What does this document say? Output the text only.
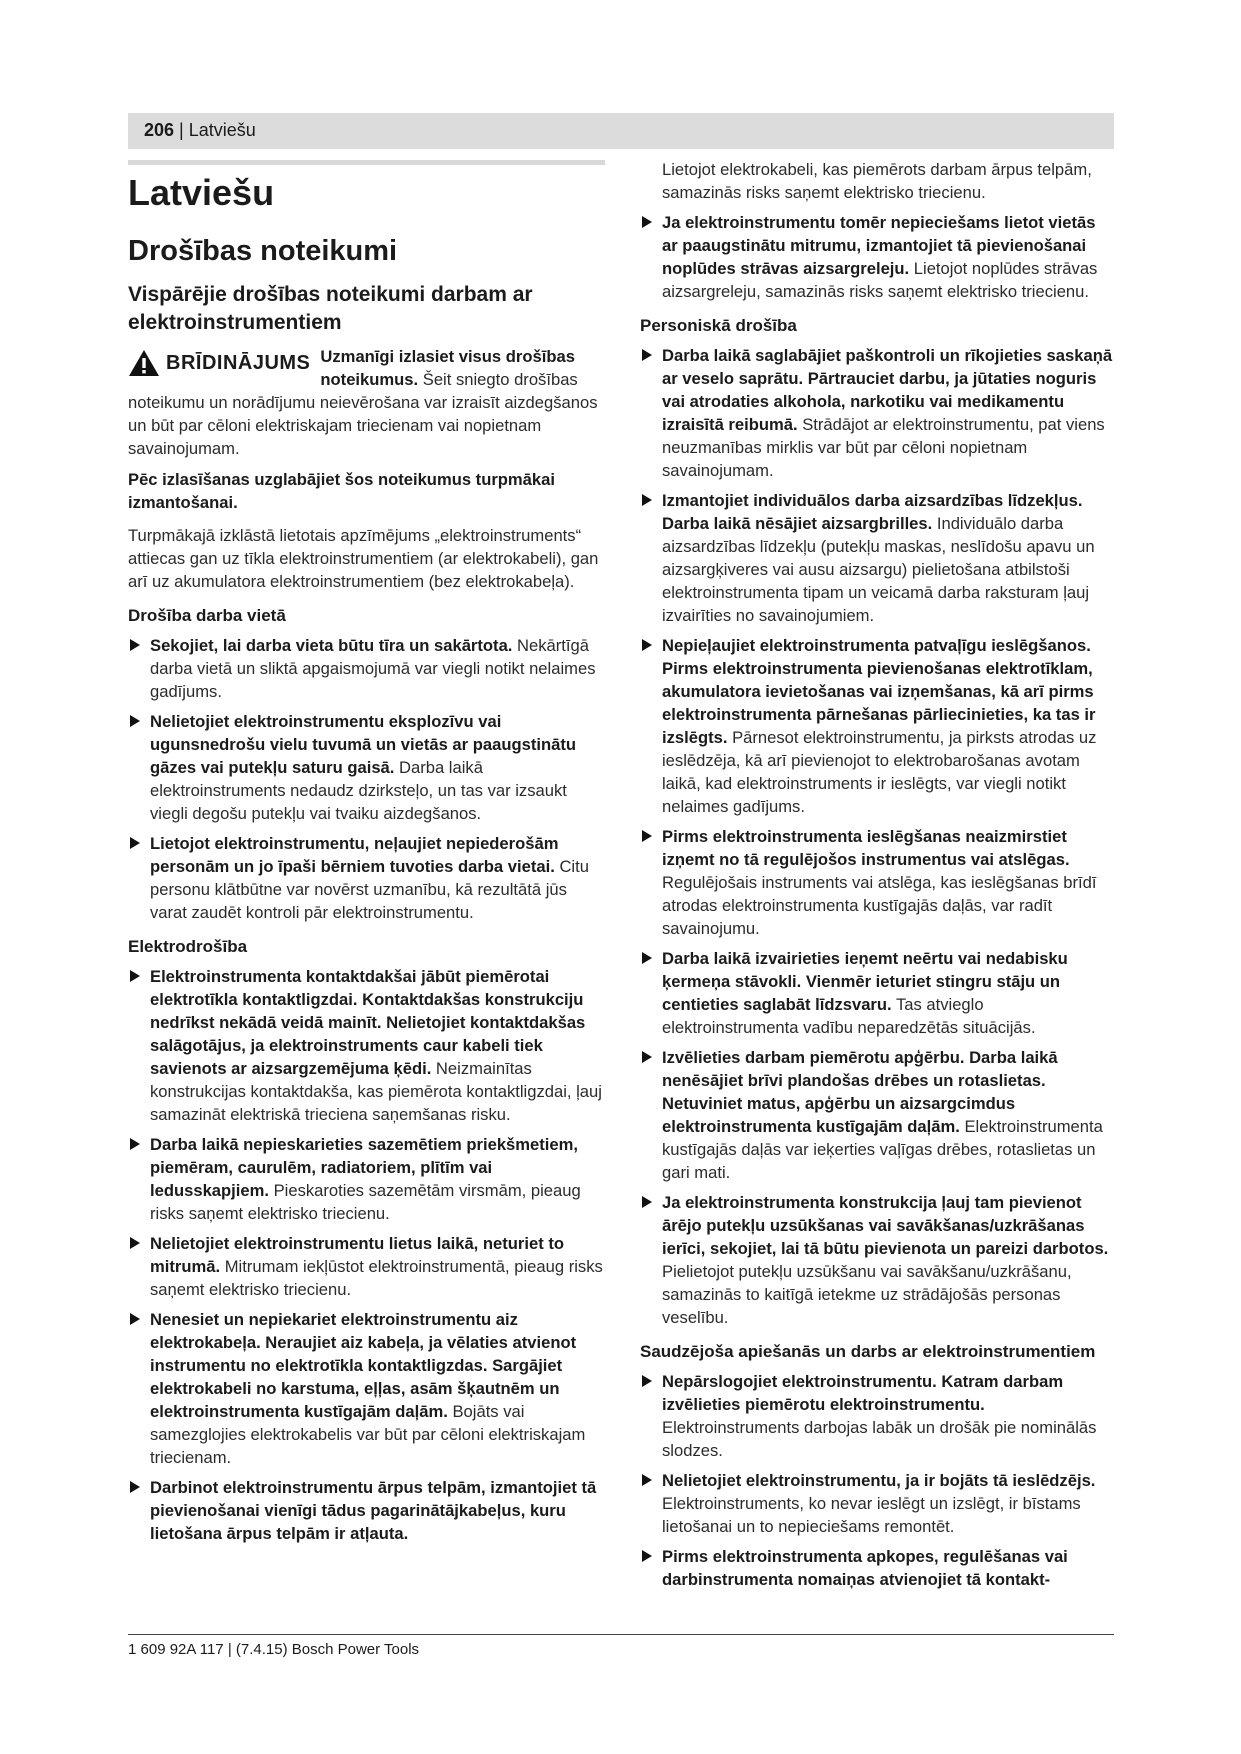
206 | Latviešu
Latviešu
Drošības noteikumi
Vispārējie drošības noteikumi darbam ar elektroinstrumentiem
BRĪDINĀJUMS Uzmanīgi izlasiet visus drošības noteikumus. Šeit sniegto drošības noteikumu un norādījumu neievērošana var izraisīt aizdegšanos un būt par cēloni elektriskajam triecienam vai nopietnam savainojumam.

Pēc izlasīšanas uzglabājiet šos noteikumus turpmākai izmantošanai.

Turpmākajā izklāstā lietotais apzīmējums „elektroinstruments“ attiecas gan uz tīkla elektroinstrumentiem (ar elektrokabeli), gan arī uz akumulatora elektroinstrumentiem (bez elektrokabeļa).

Drošība darba vietā
Sekojiet, lai darba vieta būtu tīra un sakārtota. Nekārtīgā darba vietā un sliktā apgaismojumā var viegli notikt nelaimes gadījums.
Nelietojiet elektroinstrumentu eksplozīvu vai ugunsnedrošu vielu tuvumā un vietās ar paaugstinātu gāzes vai putekļu saturu gaisā. Darba laikā elektroinstruments nedaudz dzirksteļo, un tas var izsaukt viegli degošu putekļu vai tvaiku aizdegšanos.
Lietojot elektroinstrumentu, neļaujiet nepiederošām personām un jo īpaši bērniem tuvoties darba vietai. Citu personu klātbūtne var novērst uzmanību, kā rezultātā jūs varat zaudēt kontroli pār elektroinstrumentu.
Elektrodrošība
Elektroinstrumenta kontaktdakšai jābūt piemērotai elektrotīkla kontaktligzdai. Kontaktdakšas konstrukciju nedrīkst nekādā veidā mainīt. Nelietojiet kontaktdakšas salāgotājus, ja elektroinstruments caur kabeli tiek savienots ar aizsargzemējuma ķēdi. Neizmainītas konstrukcijas kontaktdakša, kas piemērota kontaktligzdai, ļauj samazināt elektriskā trieciena saņemšanas risku.
Darba laikā nepieskarieties sazemētiem priekšmetiem, piemēram, caurulēm, radiatoriem, plītīm vai ledusskapjiem. Pieskaroties sazemētām virsmām, pieaug risks saņemt elektrisko triecienu.
Nelietojiet elektroinstrumentu lietus laikā, neturiet to mitrumā. Mitrumam iekļūstot elektroinstrumentā, pieaug risks saņemt elektrisko triecienu.
Nenesiet un nepiekariet elektroinstrumentu aiz elektrokabeļa. Neraujiet aiz kabeļa, ja vēlaties atvienot instrumentu no elektrotīkla kontaktligzdas. Sargājiet elektrokabeli no karstuma, eļļas, asām šķautnēm un elektroinstrumenta kustīgajām daļām. Bojāts vai samezglojies elektrokabelis var būt par cēloni elektriskajam triecienam.
Darbinot elektroinstrumentu ārpus telpām, izmantojiet tā pievienošanai vienīgi tādus pagarinātājkabeļus, kuru lietošana ārpus telpām ir atļauta.

Lietojot elektrokabeli, kas piemērots darbam ārpus telpām, samazinās risks saņemt elektrisko triecienu.

Ja elektroinstrumentu tomēr nepieciešams lietot vietās ar paaugstinātu mitrumu, izmantojiet tā pievienošanai noplūdes strāvas aizsargreleju. Lietojot noplūdes strāvas aizsargreleju, samazinās risks saņemt elektrisko triecienu.
Personiskā drošība
Darba laikā saglabājiet paškontroli un rīkojieties saskaņā ar veselo saprātu. Pārtrauciet darbu, ja jūtaties noguris vai atrodaties alkohola, narkotiku vai medikamentu izraisītā reibumā. Strādājot ar elektroinstrumentu, pat viens neuzmanības mirklis var būt par cēloni nopietnam savainojumam.
Izmantojiet individuālos darba aizsardzības līdzekļus. Darba laikā nēsājiet aizsargbrilles. Individuālo darba aizsardzības līdzekļu (putekļu maskas, neslīdošu apavu un aizsargķiveres vai ausu aizsargu) pielietošana atbilstoši elektroinstrumenta tipam un veicamā darba raksturam ļauj izvairīties no savainojumiem.
Nepieļaujiet elektroinstrumenta patvaļīgu ieslēgšanos. Pirms elektroinstrumenta pievienošanas elektrotīklam, akumulatora ievietošanas vai izņemšanas, kā arī pirms elektroinstrumenta pārnešanas pārliecinieties, ka tas ir izslēgts. Pārnesot elektroinstrumentu, ja pirksts atrodas uz ieslēdzēja, kā arī pievienojot to elektrobarošanas avotam laikā, kad elektroinstruments ir ieslēgts, var viegli notikt nelaimes gadījums.
Pirms elektroinstrumenta ieslēgšanas neaizmirstiet izņemt no tā regulējošos instrumentus vai atslēgas. Regulējošais instruments vai atslēga, kas ieslēgšanas brīdī atrodas elektroinstrumenta kustīgajās daļās, var radīt savainojumu.
Darba laikā izvairieties ieņemt neērtu vai nedabisku ķermeņa stāvokli. Vienmēr ieturiet stingru stāju un centieties saglabāt līdzsvaru. Tas atvieglo elektroinstrumenta vadību neparedzētās situācijās.
Izvēlieties darbam piemērotu apģērbu. Darba laikā nenēsājiet brīvi plandošas drēbes un rotaslietas. Netuviniet matus, apģērbu un aizsargcimdus elektroinstrumenta kustīgajām daļām. Elektroinstrumenta kustīgajās daļās var ieķerties vaļīgas drēbes, rotaslietas un gari mati.
Ja elektroinstrumenta konstrukcija ļauj tam pievienot ārējo putekļu uzsūkšanas vai savākšanas/uzkrāšanas ierīci, sekojiet, lai tā būtu pievienota un pareizi darbotos. Pielietojot putekļu uzsūkšanu vai savākšanu/uzkrāšanu, samazinās to kaitīgā ietekme uz strādājošās personas veselību.
Saudzējoša apiešanās un darbs ar elektroinstrumentiem
Nepārslogojiet elektroinstrumentu. Katram darbam izvēlieties piemērotu elektroinstrumentu. Elektroinstruments darbojas labāk un drošāk pie nominālās slodzes.
Nelietojiet elektroinstrumentu, ja ir bojāts tā ieslēdzējs. Elektroinstruments, ko nevar ieslēgt un izslēgt, ir bīstams lietošanai un to nepieciešams remontēt.
Pirms elektroinstrumenta apkopes, regulēšanas vai darbinstrumenta nomaiņas atvienojiet tā kontakt-
1 609 92A 117 | (7.4.15) Bosch Power Tools
